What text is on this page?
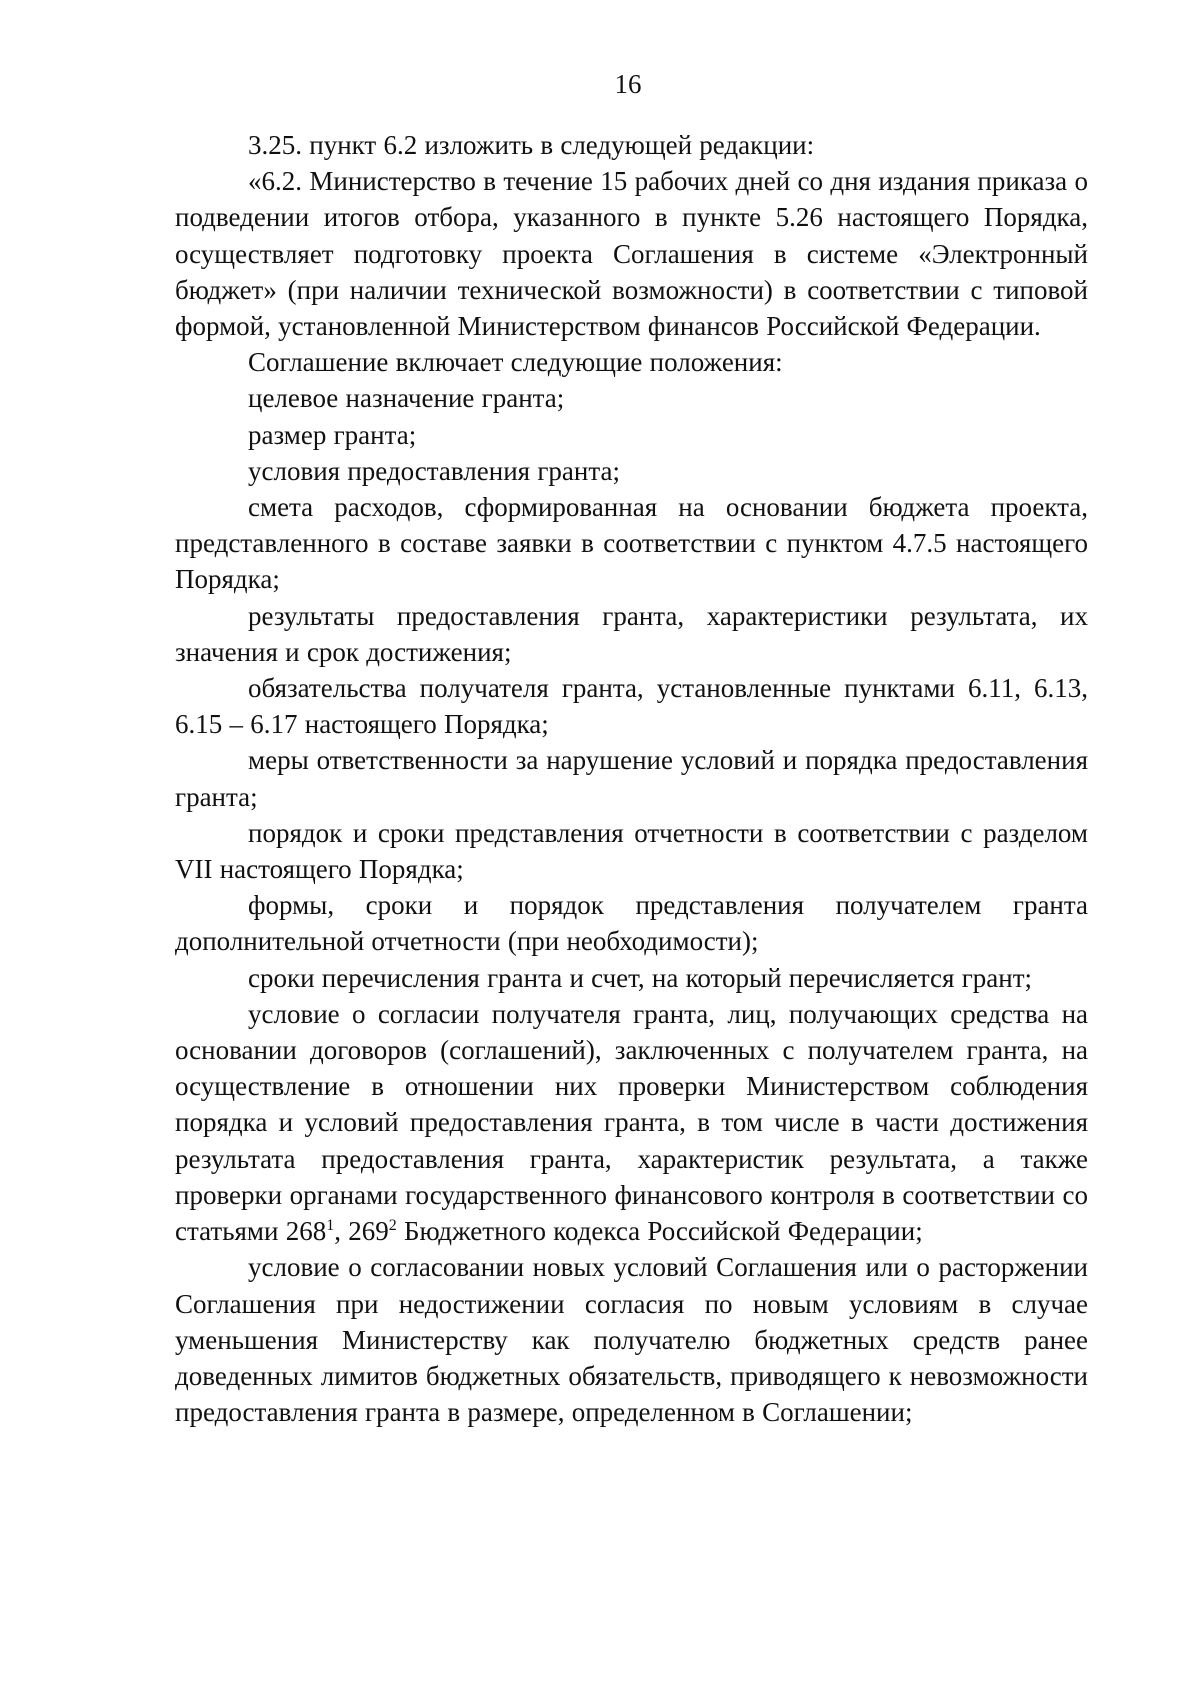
16

3.25. пункт 6.2 изложить в следующей редакции:

«6.2. Министерство в течение 15 рабочих дней со дня издания приказа о подведении итогов отбора, указанного в пункте 5.26 настоящего Порядка, осуществляет подготовку проекта Соглашения в системе «Электронный бюджет» (при наличии технической возможности) в соответствии с типовой формой, установленной Министерством финансов Российской Федерации.

Соглашение включает следующие положения:

целевое назначение гранта;

размер гранта;

условия предоставления гранта;

смета расходов, сформированная на основании бюджета проекта, представленного в составе заявки в соответствии с пунктом 4.7.5 настоящего Порядка;

результаты предоставления гранта, характеристики результата, их значения и срок достижения;

обязательства получателя гранта, установленные пунктами 6.11, 6.13, 6.15 – 6.17 настоящего Порядка;

меры ответственности за нарушение условий и порядка предоставления гранта;

порядок и сроки представления отчетности в соответствии с разделом VII настоящего Порядка;

формы, сроки и порядок представления получателем гранта дополнительной отчетности (при необходимости);

сроки перечисления гранта и счет, на который перечисляется грант;

условие о согласии получателя гранта, лиц, получающих средства на основании договоров (соглашений), заключенных с получателем гранта, на осуществление в отношении них проверки Министерством соблюдения порядка и условий предоставления гранта, в том числе в части достижения результата предоставления гранта, характеристик результата, а также проверки органами государственного финансового контроля в соответствии со статьями $268^1$, $269^2$ Бюджетного кодекса Российской Федерации;

условие о согласовании новых условий Соглашения или о расторжении Соглашения при недостижении согласия по новым условиям в случае уменьшения Министерству как получателю бюджетных средств ранее доведенных лимитов бюджетных обязательств, приводящего к невозможности предоставления гранта в размере, определенном в Соглашении;
